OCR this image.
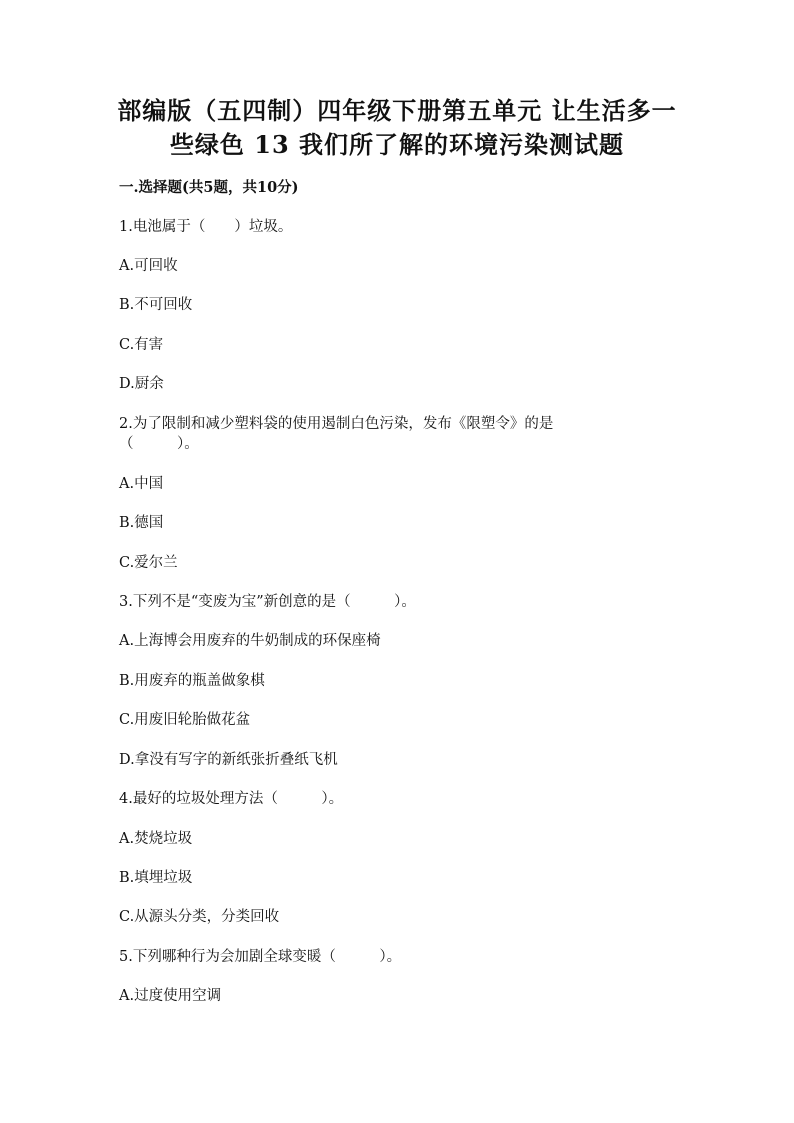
部编版（五四制）四年级下册第五单元 让生活多一
些绿色 13 我们所了解的环境污染测试题
一.选择题(共5题，共10分)
1.电池属于（　　）垃圾。
A.可回收
B.不可回收
C.有害
D.厨余
2.为了限制和减少塑料袋的使用遏制白色污染，发布《限塑令》的是
（　　　）。
A.中国
B.德国
C.爱尔兰
3.下列不是“变废为宝”新创意的是（　　　）。
A.上海博会用废弃的牛奶制成的环保座椅
B.用废弃的瓶盖做象棋
C.用废旧轮胎做花盆
D.拿没有写字的新纸张折叠纸飞机
4.最好的垃圾处理方法（　　　）。
A.焚烧垃圾
B.填埋垃圾
C.从源头分类，分类回收
5.下列哪种行为会加剧全球变暖（　　　）。
A.过度使用空调
